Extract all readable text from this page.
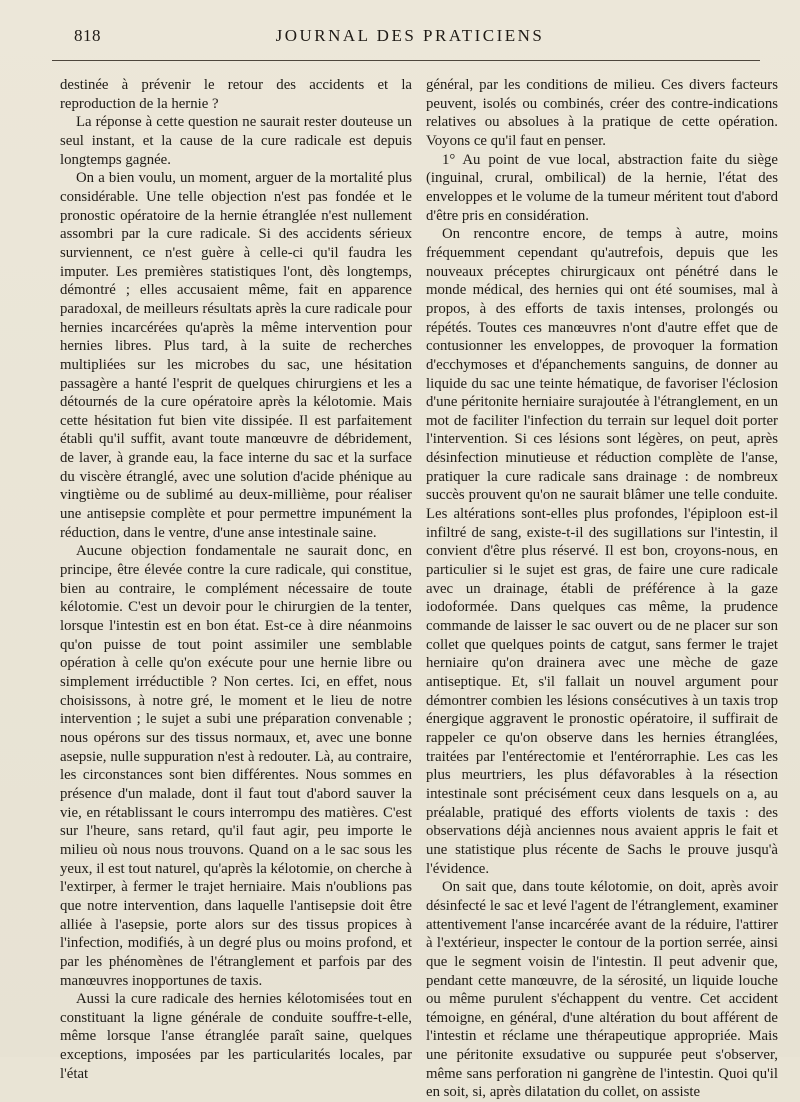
818	JOURNAL DES PRATICIENS

destinée à prévenir le retour des accidents et la reproduction de la hernie ?

La réponse à cette question ne saurait rester douteuse un seul instant, et la cause de la cure radicale est depuis longtemps gagnée.

On a bien voulu, un moment, arguer de la mortalité plus considérable. Une telle objection n'est pas fondée et le pronostic opératoire de la hernie étranglée n'est nullement assombri par la cure radicale. Si des accidents sérieux surviennent, ce n'est guère à celle-ci qu'il faudra les imputer. Les premières statistiques l'ont, dès longtemps, démontré ; elles accusaient même, fait en apparence paradoxal, de meilleurs résultats après la cure radicale pour hernies incarcérées qu'après la même intervention pour hernies libres. Plus tard, à la suite de recherches multipliées sur les microbes du sac, une hésitation passagère a hanté l'esprit de quelques chirurgiens et les a détournés de la cure opératoire après la kélotomie. Mais cette hésitation fut bien vite dissipée. Il est parfaitement établi qu'il suffit, avant toute manœuvre de débridement, de laver, à grande eau, la face interne du sac et la surface du viscère étranglé, avec une solution d'acide phénique au vingtième ou de sublimé au deux-millième, pour réaliser une antisepsie complète et pour permettre impunément la réduction, dans le ventre, d'une anse intestinale saine.

Aucune objection fondamentale ne saurait donc, en principe, être élevée contre la cure radicale, qui constitue, bien au contraire, le complément nécessaire de toute kélotomie. C'est un devoir pour le chirurgien de la tenter, lorsque l'intestin est en bon état. Est-ce à dire néanmoins qu'on puisse de tout point assimiler une semblable opération à celle qu'on exécute pour une hernie libre ou simplement irréductible ? Non certes. Ici, en effet, nous choisissons, à notre gré, le moment et le lieu de notre intervention ; le sujet a subi une préparation convenable ; nous opérons sur des tissus normaux, et, avec une bonne asepsie, nulle suppuration n'est à redouter. Là, au contraire, les circonstances sont bien différentes. Nous sommes en présence d'un malade, dont il faut tout d'abord sauver la vie, en rétablissant le cours interrompu des matières. C'est sur l'heure, sans retard, qu'il faut agir, peu importe le milieu où nous nous trouvons. Quand on a le sac sous les yeux, il est tout naturel, qu'après la kélotomie, on cherche à l'extirper, à fermer le trajet herniaire. Mais n'oublions pas que notre intervention, dans laquelle l'antisepsie doit être alliée à l'asepsie, porte alors sur des tissus propices à l'infection, modifiés, à un degré plus ou moins profond, et par les phénomènes de l'étranglement et parfois par des manœuvres inopportunes de taxis.

Aussi la cure radicale des hernies kélotomisées tout en constituant la ligne générale de conduite souffre-t-elle, même lorsque l'anse étranglée paraît saine, quelques exceptions, imposées par les particularités locales, par l'état

général, par les conditions de milieu. Ces divers facteurs peuvent, isolés ou combinés, créer des contre-indications relatives ou absolues à la pratique de cette opération. Voyons ce qu'il faut en penser.

1° Au point de vue local, abstraction faite du siège (inguinal, crural, ombilical) de la hernie, l'état des enveloppes et le volume de la tumeur méritent tout d'abord d'être pris en considération.

On rencontre encore, de temps à autre, moins fréquemment cependant qu'autrefois, depuis que les nouveaux préceptes chirurgicaux ont pénétré dans le monde médical, des hernies qui ont été soumises, mal à propos, à des efforts de taxis intenses, prolongés ou répétés. Toutes ces manœuvres n'ont d'autre effet que de contusionner les enveloppes, de provoquer la formation d'ecchymoses et d'épanchements sanguins, de donner au liquide du sac une teinte hématique, de favoriser l'éclosion d'une péritonite herniaire surajoutée à l'étranglement, en un mot de faciliter l'infection du terrain sur lequel doit porter l'intervention. Si ces lésions sont légères, on peut, après désinfection minutieuse et réduction complète de l'anse, pratiquer la cure radicale sans drainage : de nombreux succès prouvent qu'on ne saurait blâmer une telle conduite. Les altérations sont-elles plus profondes, l'épiploon est-il infiltré de sang, existe-t-il des sugillations sur l'intestin, il convient d'être plus réservé. Il est bon, croyons-nous, en particulier si le sujet est gras, de faire une cure radicale avec un drainage, établi de préférence à la gaze iodoformée. Dans quelques cas même, la prudence commande de laisser le sac ouvert ou de ne placer sur son collet que quelques points de catgut, sans fermer le trajet herniaire qu'on drainera avec une mèche de gaze antiseptique. Et, s'il fallait un nouvel argument pour démontrer combien les lésions consécutives à un taxis trop énergique aggravent le pronostic opératoire, il suffirait de rappeler ce qu'on observe dans les hernies étranglées, traitées par l'entérectomie et l'entérorraphie. Les cas les plus meurtriers, les plus défavorables à la résection intestinale sont précisément ceux dans lesquels on a, au préalable, pratiqué des efforts violents de taxis : des observations déjà anciennes nous avaient appris le fait et une statistique plus récente de Sachs le prouve jusqu'à l'évidence.

On sait que, dans toute kélotomie, on doit, après avoir désinfecté le sac et levé l'agent de l'étranglement, examiner attentivement l'anse incarcérée avant de la réduire, l'attirer à l'extérieur, inspecter le contour de la portion serrée, ainsi que le segment voisin de l'intestin. Il peut advenir que, pendant cette manœuvre, de la sérosité, un liquide louche ou même purulent s'échappent du ventre. Cet accident témoigne, en général, d'une altération du bout afférent de l'intestin et réclame une thérapeutique appropriée. Mais une péritonite exsudative ou suppurée peut s'observer, même sans perforation ni gangrène de l'intestin. Quoi qu'il en soit, si, après dilatation du collet, on assiste
